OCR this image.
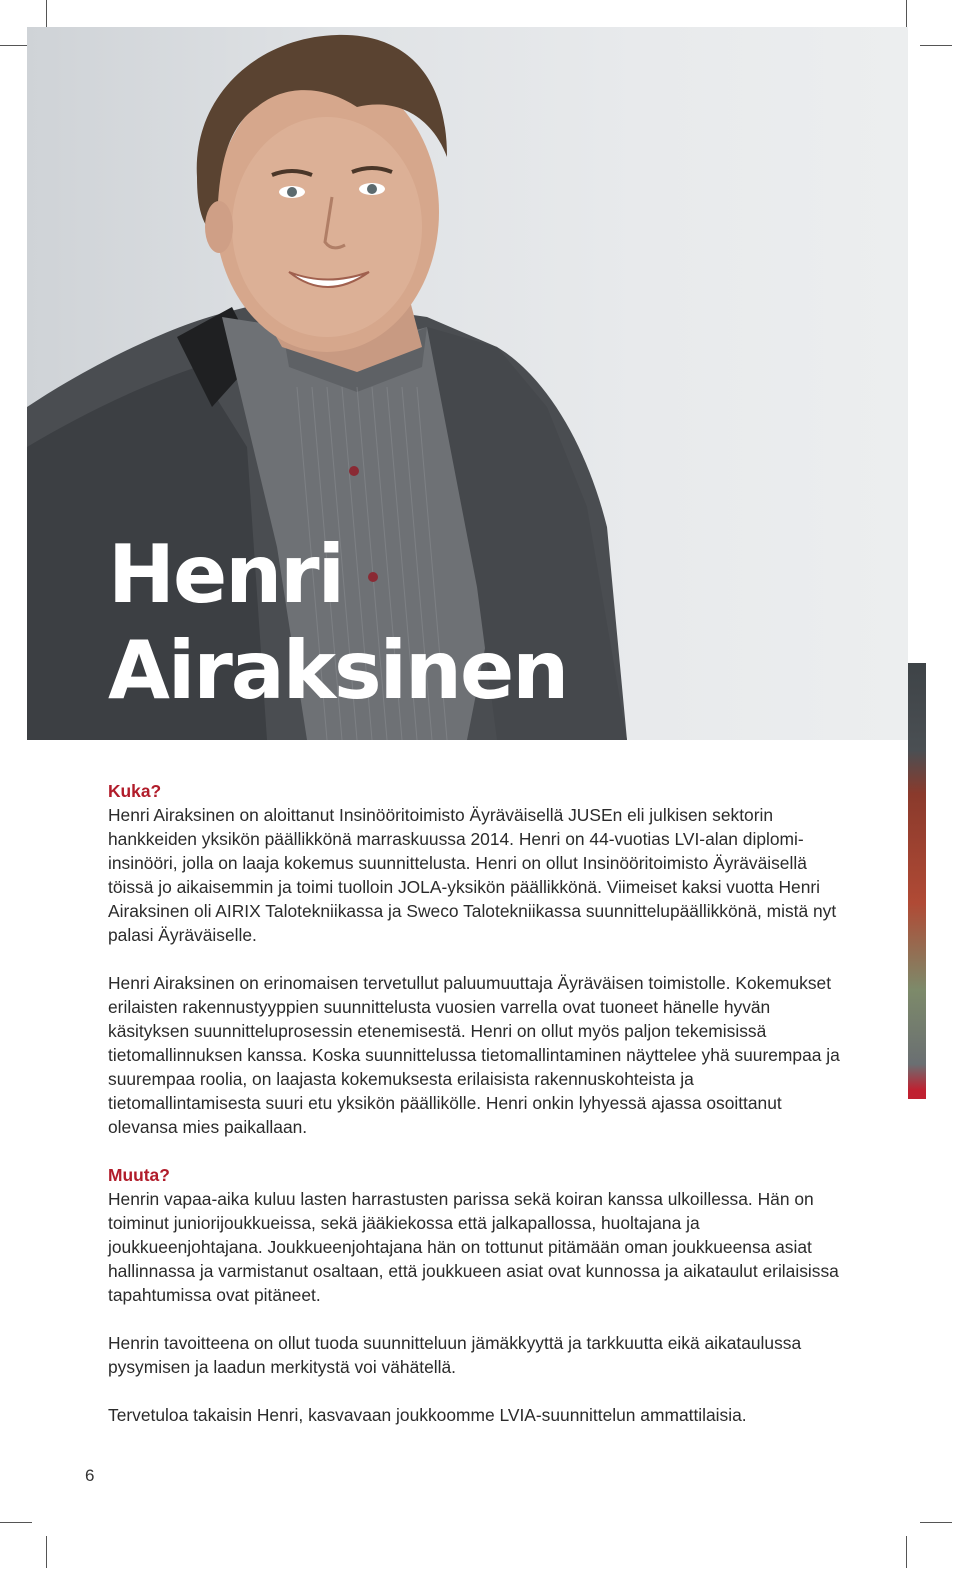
Henri
Airaksinen

Kuka?
Henri Airaksinen on aloittanut Insinööritoimisto Äyräväisellä JUSEn eli julkisen sektorin hankkeiden yksikön päällikkönä marraskuussa 2014. Henri on 44-vuotias LVI-alan diplomi-insinööri, jolla on laaja kokemus suunnittelusta. Henri on ollut Insinööritoimisto Äyräväisellä töissä jo aikaisemmin ja toimi tuolloin JOLA-yksikön päällikkönä. Viimeiset kaksi vuotta Henri Airaksinen oli AIRIX Talotekniikassa ja Sweco Talotekniikassa suunnittelupäällikkönä, mistä nyt palasi Äyräväiselle.

Henri Airaksinen on erinomaisen tervetullut paluumuuttaja Äyräväisen toimistolle. Kokemukset erilaisten rakennustyyppien suunnittelusta vuosien varrella ovat tuoneet hänelle hyvän käsityksen suunnitteluprosessin etenemisestä. Henri on ollut myös paljon tekemisissä tietomallinnuksen kanssa. Koska suunnittelussa tietomallintaminen näyttelee yhä suurempaa ja suurempaa roolia, on laajasta kokemuksesta erilaisista rakennuskohteista ja tietomallintamisesta suuri etu yksikön päällikölle. Henri onkin lyhyessä ajassa osoittanut olevansa mies paikallaan.

Muuta?
Henrin vapaa-aika kuluu lasten harrastusten parissa sekä koiran kanssa ulkoillessa. Hän on toiminut juniorijoukkueissa, sekä jääkiekossa että jalkapallossa, huoltajana ja joukkueenjohtajana. Joukkueenjohtajana hän on tottunut pitämään oman joukkueensa asiat hallinnassa ja varmistanut osaltaan, että joukkueen asiat ovat kunnossa ja aikataulut erilaisissa tapahtumissa ovat pitäneet.

Henrin tavoitteena on ollut tuoda suunnitteluun jämäkkyyttä ja tarkkuutta eikä aikataulussa pysymisen ja laadun merkitystä voi vähätellä.

Tervetuloa takaisin Henri, kasvavaan joukkoomme LVIA-suunnittelun ammattilaisia.

6
